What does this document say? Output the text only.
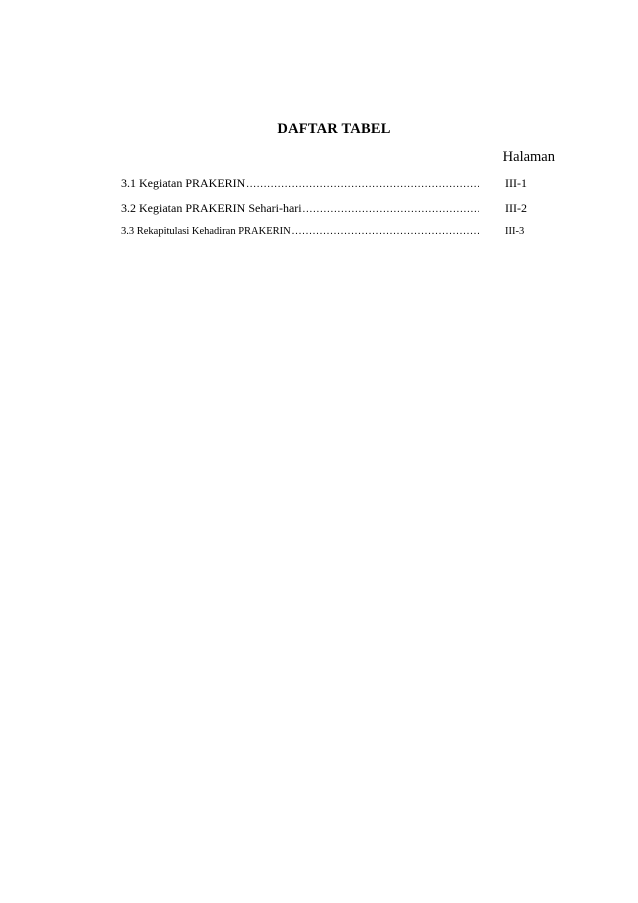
DAFTAR TABEL
Halaman
3.1 Kegiatan PRAKERIN .....	III-1
3.2 Kegiatan PRAKERIN Sehari-hari .....	III-2
3.3 Rekapitulasi Kehadiran PRAKERIN .....	III-3
